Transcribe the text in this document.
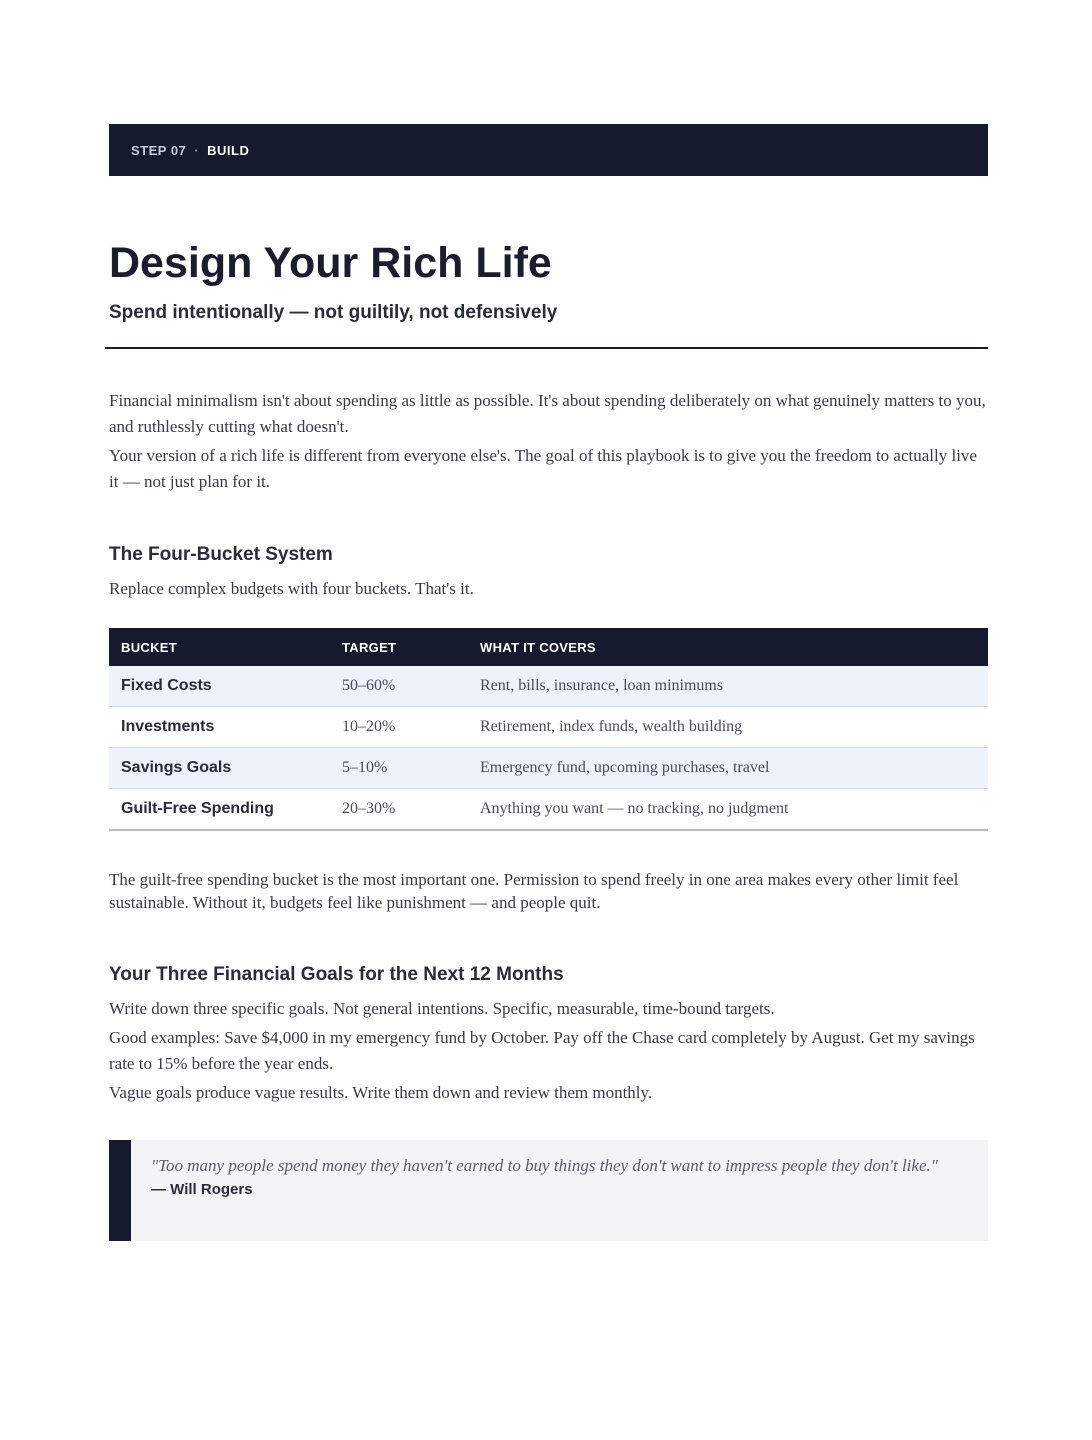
STEP 07 · BUILD
Design Your Rich Life
Spend intentionally — not guiltily, not defensively

Financial minimalism isn't about spending as little as possible. It's about spending deliberately on what genuinely matters to you, and ruthlessly cutting what doesn't.

Your version of a rich life is different from everyone else's. The goal of this playbook is to give you the freedom to actually live it — not just plan for it.

The Four-Bucket System

Replace complex budgets with four buckets. That's it.

BUCKET	TARGET	WHAT IT COVERS
Fixed Costs	50–60%	Rent, bills, insurance, loan minimums
Investments	10–20%	Retirement, index funds, wealth building
Savings Goals	5–10%	Emergency fund, upcoming purchases, travel
Guilt-Free Spending	20–30%	Anything you want — no tracking, no judgment

The guilt-free spending bucket is the most important one. Permission to spend freely in one area makes every other limit feel sustainable. Without it, budgets feel like punishment — and people quit.

Your Three Financial Goals for the Next 12 Months

Write down three specific goals. Not general intentions. Specific, measurable, time-bound targets.

Good examples: Save $4,000 in my emergency fund by October. Pay off the Chase card completely by August. Get my savings rate to 15% before the year ends.

Vague goals produce vague results. Write them down and review them monthly.

"Too many people spend money they haven't earned to buy things they don't want to impress people they don't like."
— Will Rogers
